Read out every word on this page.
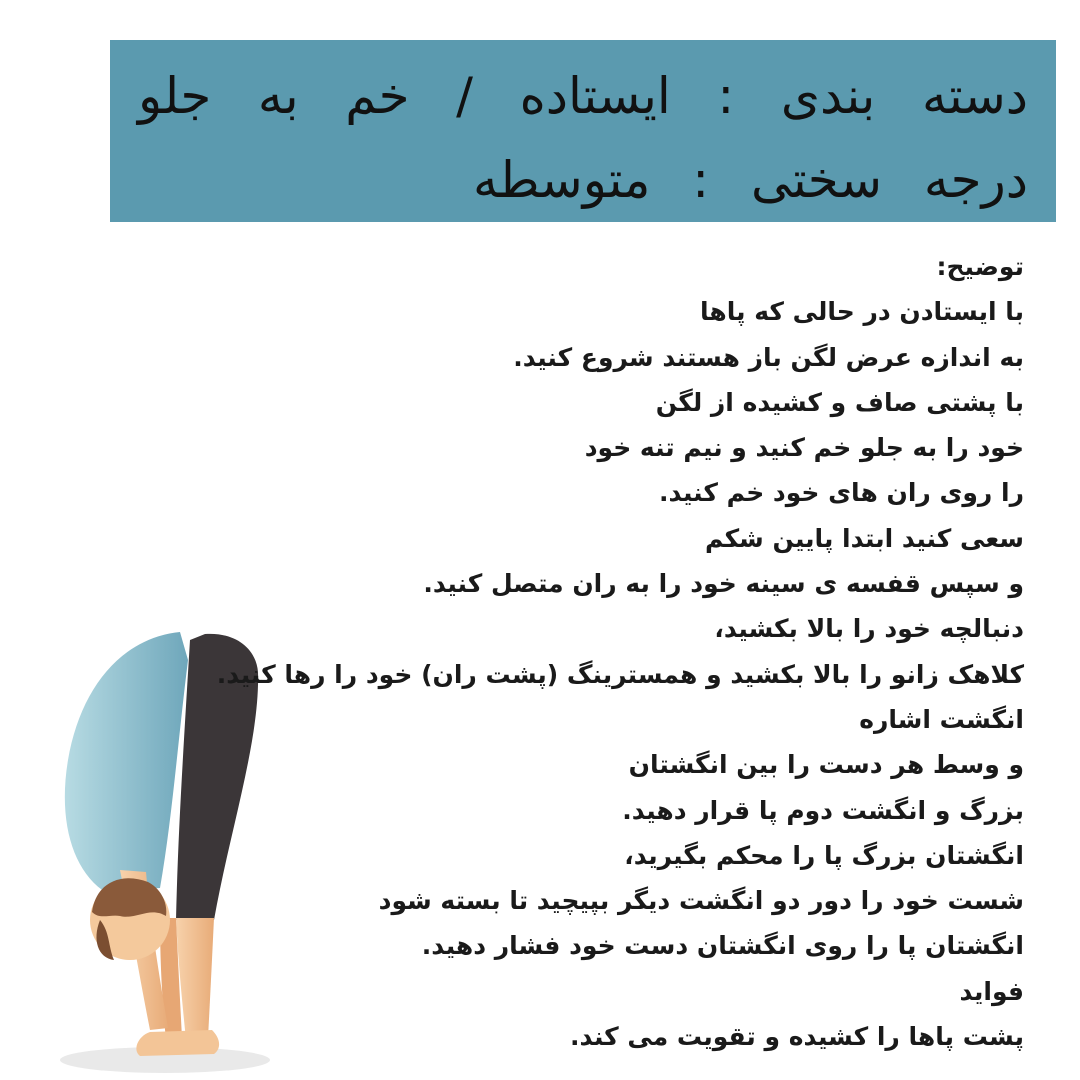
دسته بندی : ایستاده / خم به جلو
درجه سختی : متوسطه
توضیح:
با ایستادن در حالی که پاها
به اندازه عرض لگن باز هستند شروع کنید.
با پشتی صاف و کشیده از لگن
خود را به جلو خم کنید و نیم تنه خود
را روی ران های خود خم کنید.
سعی کنید ابتدا پایین شکم
و سپس قفسه ی سینه خود را به ران متصل کنید.
دنبالچه خود را بالا بکشید،
کلاهک زانو را بالا بکشید و همسترینگ (پشت ران) خود را رها کنید.
انگشت اشاره
و وسط هر دست را بین انگشتان
بزرگ و انگشت دوم پا قرار دهید.
انگشتان بزرگ پا را محکم بگیرید،
شست خود را دور دو انگشت دیگر بپیچید تا بسته شود
انگشتان پا را روی انگشتان دست خود فشار دهید.
فواید
پشت پاها را کشیده و تقویت می کند.
